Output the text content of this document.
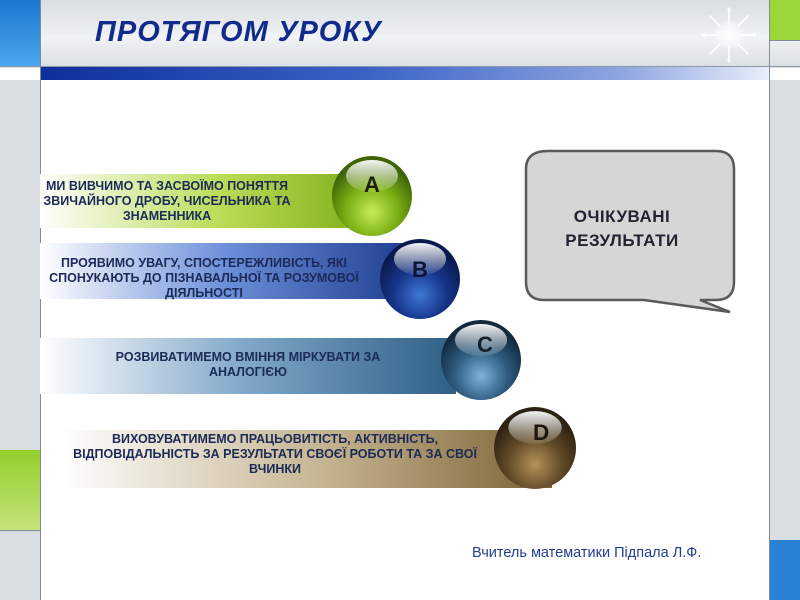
ПРОТЯГОМ УРОКУ
МИ ВИВЧИМО ТА ЗАСВОЇМО ПОНЯТТЯ ЗВИЧАЙНОГО ДРОБУ, ЧИСЕЛЬНИКА ТА ЗНАМЕННИКА
A
ПРОЯВИМО УВАГУ, СПОСТЕРЕЖЛИВІСТЬ, ЯКІ СПОНУКАЮТЬ ДО ПІЗНАВАЛЬНОЇ ТА РОЗУМОВОЇ ДІЯЛЬНОСТІ
B
РОЗВИВАТИМЕМО ВМІННЯ МІРКУВАТИ ЗА АНАЛОГІЄЮ
C
ВИХОВУВАТИМЕМО ПРАЦЬОВИТІСТЬ, АКТИВНІСТЬ, ВІДПОВІДАЛЬНІСТЬ ЗА РЕЗУЛЬТАТИ СВОЄЇ РОБОТИ ТА ЗА СВОЇ ВЧИНКИ
D
ОЧІКУВАНІ РЕЗУЛЬТАТИ
Вчитель математики Підпала Л.Ф.
